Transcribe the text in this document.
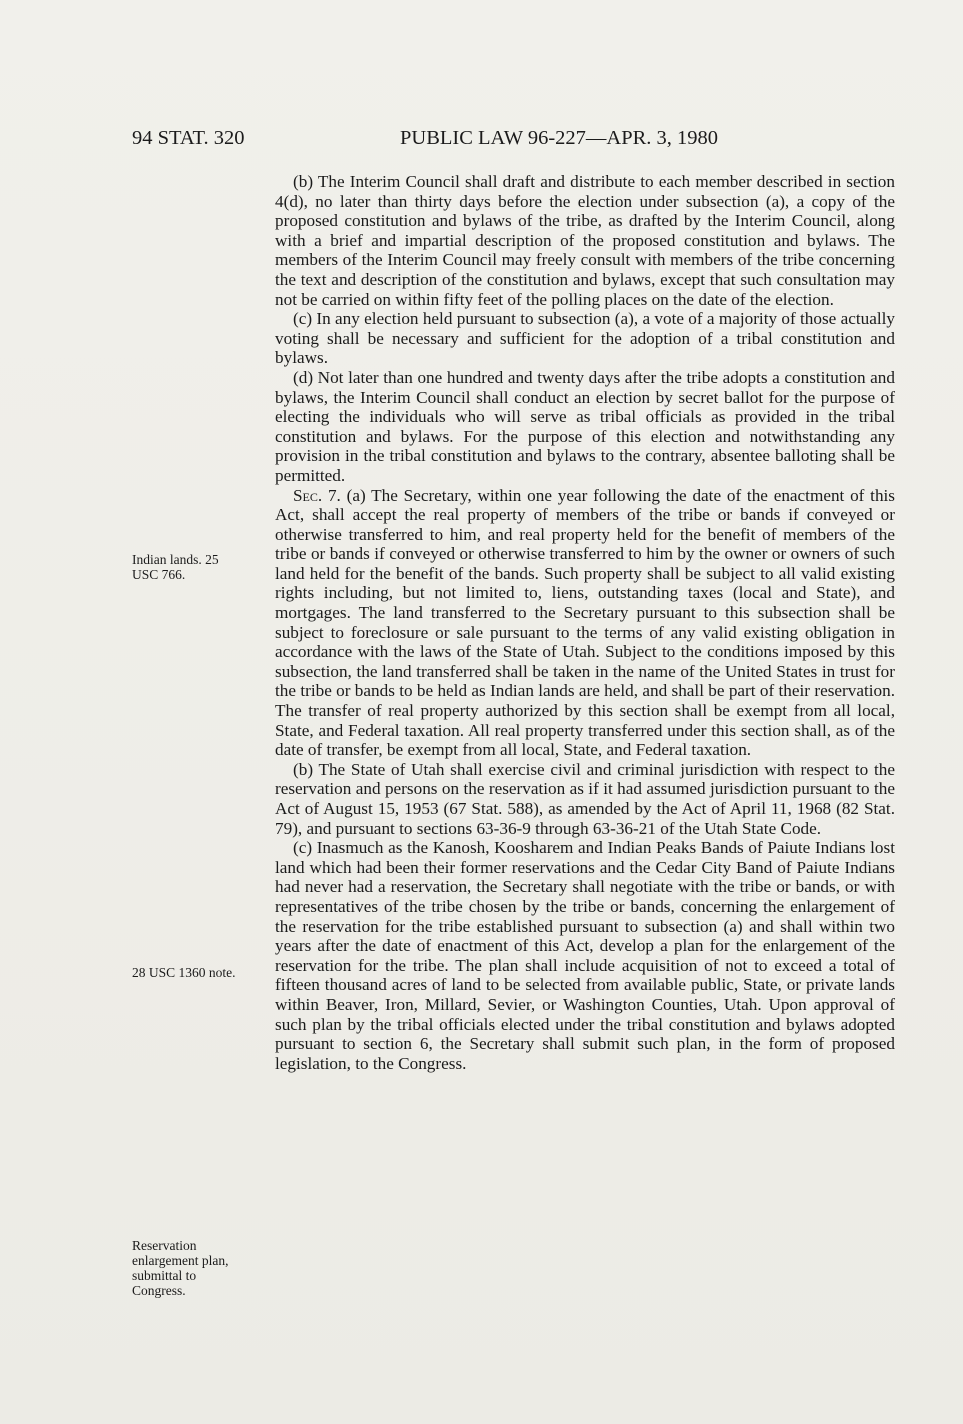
94 STAT. 320	PUBLIC LAW 96-227—APR. 3, 1980
Indian lands. 25 USC 766.
28 USC 1360 note.
Reservation enlargement plan, submittal to Congress.

(b) The Interim Council shall draft and distribute to each member described in section 4(d), no later than thirty days before the election under subsection (a), a copy of the proposed constitution and bylaws of the tribe, as drafted by the Interim Council, along with a brief and impartial description of the proposed constitution and bylaws. The members of the Interim Council may freely consult with members of the tribe concerning the text and description of the constitution and bylaws, except that such consultation may not be carried on within fifty feet of the polling places on the date of the election.

(c) In any election held pursuant to subsection (a), a vote of a majority of those actually voting shall be necessary and sufficient for the adoption of a tribal constitution and bylaws.

(d) Not later than one hundred and twenty days after the tribe adopts a constitution and bylaws, the Interim Council shall conduct an election by secret ballot for the purpose of electing the individuals who will serve as tribal officials as provided in the tribal constitution and bylaws. For the purpose of this election and notwithstanding any provision in the tribal constitution and bylaws to the contrary, absentee balloting shall be permitted.

Sec. 7. (a) The Secretary, within one year following the date of the enactment of this Act, shall accept the real property of members of the tribe or bands if conveyed or otherwise transferred to him, and real property held for the benefit of members of the tribe or bands if conveyed or otherwise transferred to him by the owner or owners of such land held for the benefit of the bands. Such property shall be subject to all valid existing rights including, but not limited to, liens, outstanding taxes (local and State), and mortgages. The land transferred to the Secretary pursuant to this subsection shall be subject to foreclosure or sale pursuant to the terms of any valid existing obligation in accordance with the laws of the State of Utah. Subject to the conditions imposed by this subsection, the land transferred shall be taken in the name of the United States in trust for the tribe or bands to be held as Indian lands are held, and shall be part of their reservation. The transfer of real property authorized by this section shall be exempt from all local, State, and Federal taxation. All real property transferred under this section shall, as of the date of transfer, be exempt from all local, State, and Federal taxation.

(b) The State of Utah shall exercise civil and criminal jurisdiction with respect to the reservation and persons on the reservation as if it had assumed jurisdiction pursuant to the Act of August 15, 1953 (67 Stat. 588), as amended by the Act of April 11, 1968 (82 Stat. 79), and pursuant to sections 63-36-9 through 63-36-21 of the Utah State Code.

(c) Inasmuch as the Kanosh, Koosharem and Indian Peaks Bands of Paiute Indians lost land which had been their former reservations and the Cedar City Band of Paiute Indians had never had a reservation, the Secretary shall negotiate with the tribe or bands, or with representatives of the tribe chosen by the tribe or bands, concerning the enlargement of the reservation for the tribe established pursuant to subsection (a) and shall within two years after the date of enactment of this Act, develop a plan for the enlargement of the reservation for the tribe. The plan shall include acquisition of not to exceed a total of fifteen thousand acres of land to be selected from available public, State, or private lands within Beaver, Iron, Millard, Sevier, or Washington Counties, Utah. Upon approval of such plan by the tribal officials elected under the tribal constitution and bylaws adopted pursuant to section 6, the Secretary shall submit such plan, in the form of proposed legislation, to the Congress.
